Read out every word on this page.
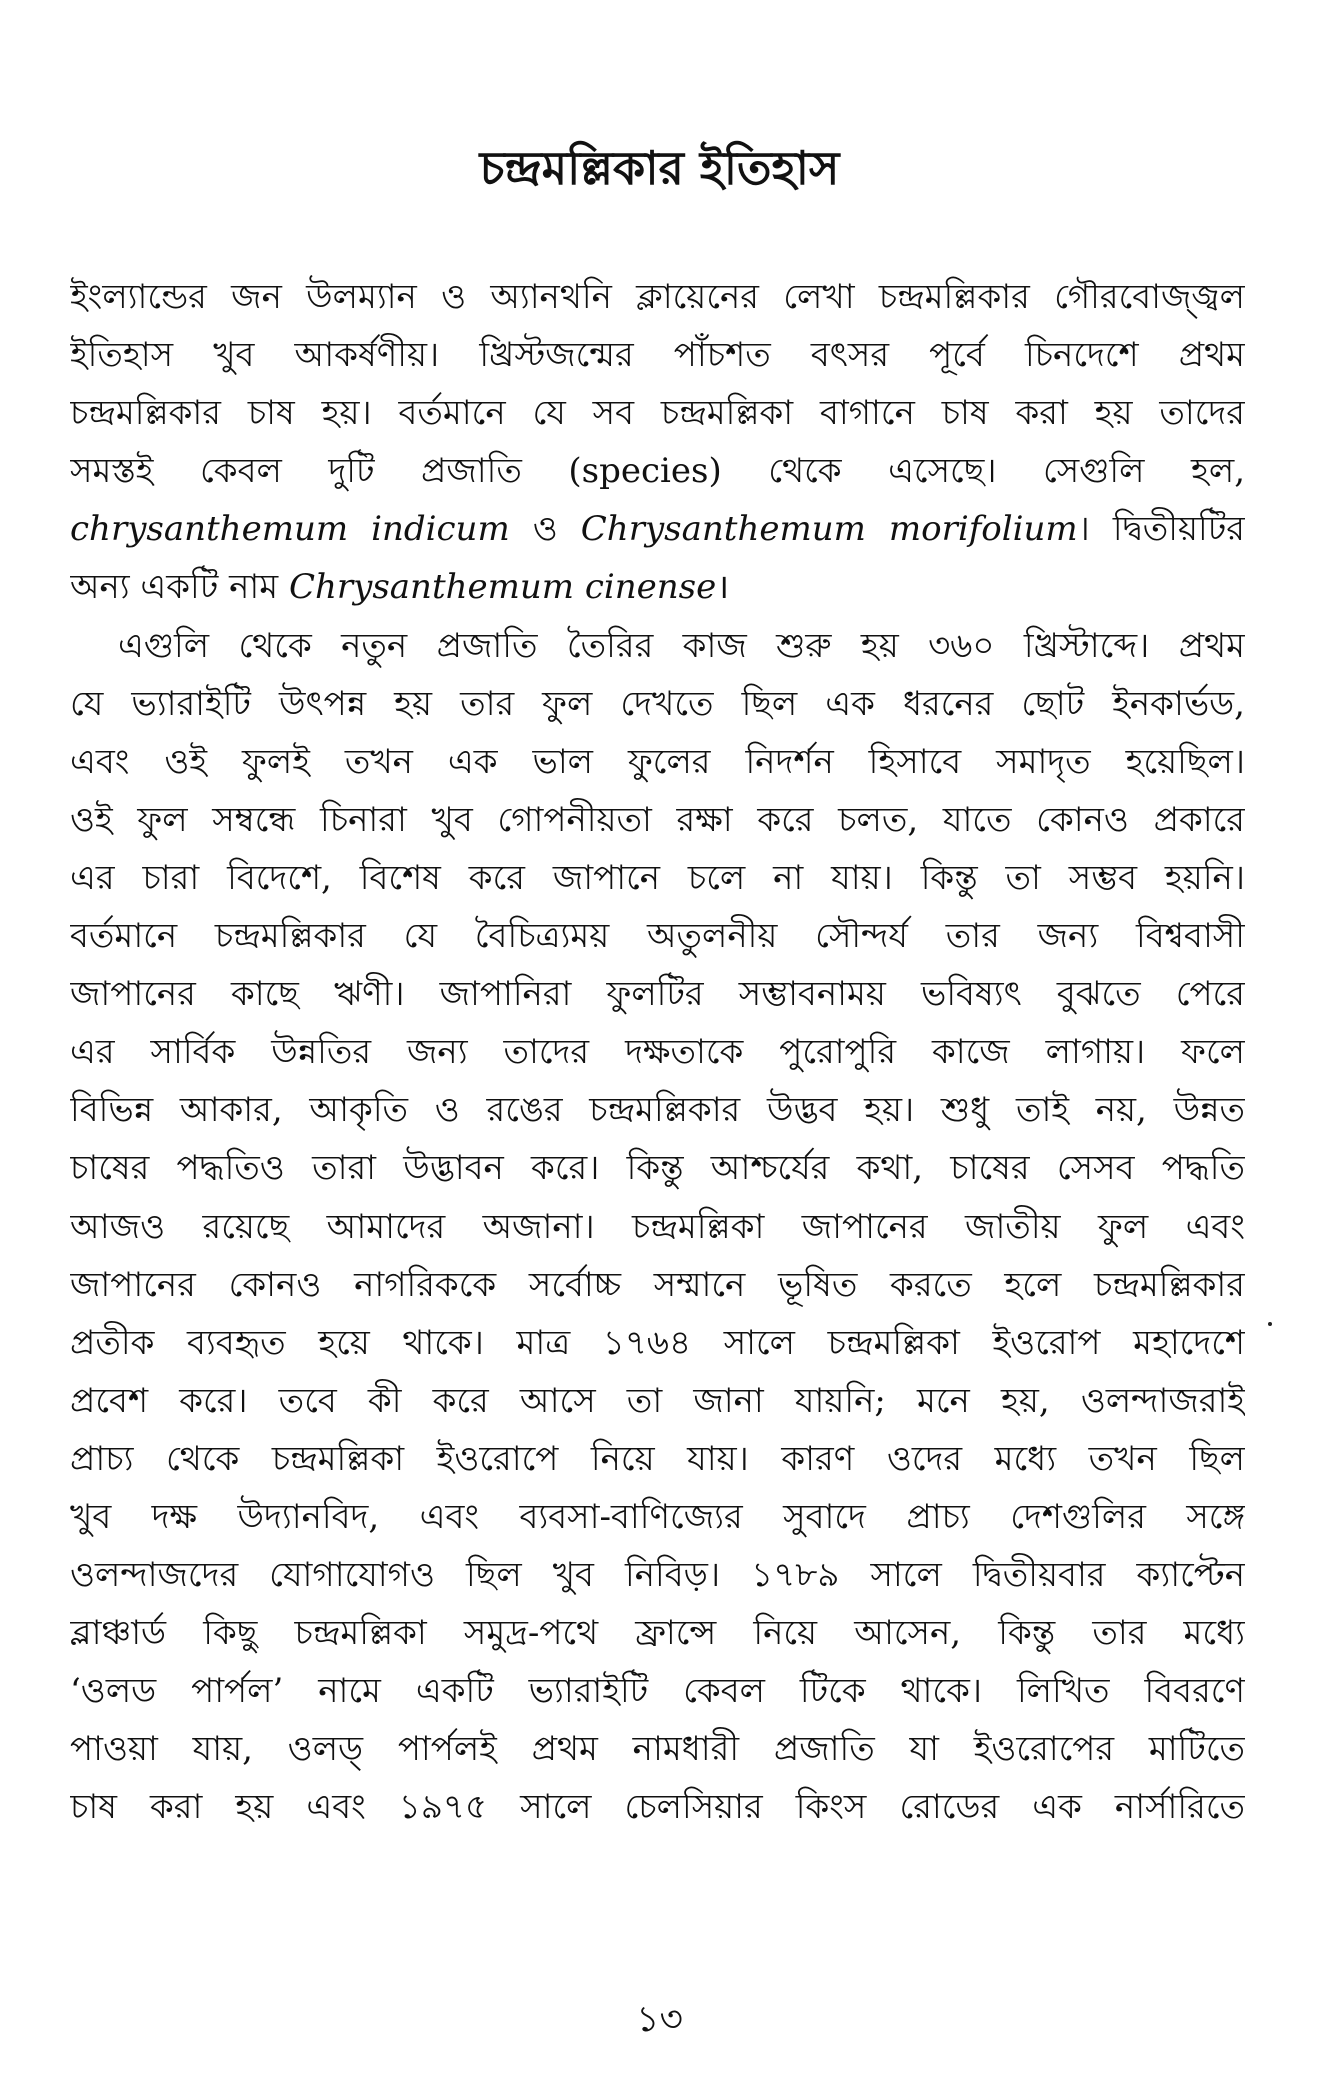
চন্দ্রমল্লিকার ইতিহাস
ইংল্যান্ডের জন উলম্যান ও অ্যানথনি ক্লায়েনের লেখা চন্দ্রমল্লিকার গৌরবোজ্জ্বল
ইতিহাস খুব আকর্ষণীয়। খ্রিস্টজন্মের পাঁচশত বৎসর পূর্বে চিনদেশে প্রথম
চন্দ্রমল্লিকার চাষ হয়। বর্তমানে যে সব চন্দ্রমল্লিকা বাগানে চাষ করা হয় তাদের
সমস্তই কেবল দুটি প্রজাতি (species) থেকে এসেছে। সেগুলি হল,
chrysanthemum indicum ও Chrysanthemum morifolium। দ্বিতীয়টির
অন্য একটি নাম Chrysanthemum cinense।
এগুলি থেকে নতুন প্রজাতি তৈরির কাজ শুরু হয় ৩৬০ খ্রিস্টাব্দে। প্রথম
যে ভ্যারাইটি উৎপন্ন হয় তার ফুল দেখতে ছিল এক ধরনের ছোট ইনকার্ভড,
এবং ওই ফুলই তখন এক ভাল ফুলের নিদর্শন হিসাবে সমাদৃত হয়েছিল।
ওই ফুল সম্বন্ধে চিনারা খুব গোপনীয়তা রক্ষা করে চলত, যাতে কোনও প্রকারে
এর চারা বিদেশে, বিশেষ করে জাপানে চলে না যায়। কিন্তু তা সম্ভব হয়নি।
বর্তমানে চন্দ্রমল্লিকার যে বৈচিত্র্যময় অতুলনীয় সৌন্দর্য তার জন্য বিশ্ববাসী
জাপানের কাছে ঋণী। জাপানিরা ফুলটির সম্ভাবনাময় ভবিষ্যৎ বুঝতে পেরে
এর সার্বিক উন্নতির জন্য তাদের দক্ষতাকে পুরোপুরি কাজে লাগায়। ফলে
বিভিন্ন আকার, আকৃতি ও রঙের চন্দ্রমল্লিকার উদ্ভব হয়। শুধু তাই নয়, উন্নত
চাষের পদ্ধতিও তারা উদ্ভাবন করে। কিন্তু আশ্চর্যের কথা, চাষের সেসব পদ্ধতি
আজও রয়েছে আমাদের অজানা। চন্দ্রমল্লিকা জাপানের জাতীয় ফুল এবং
জাপানের কোনও নাগরিককে সর্বোচ্চ সম্মানে ভূষিত করতে হলে চন্দ্রমল্লিকার
প্রতীক ব্যবহৃত হয়ে থাকে। মাত্র ১৭৬৪ সালে চন্দ্রমল্লিকা ইওরোপ মহাদেশে
প্রবেশ করে। তবে কী করে আসে তা জানা যায়নি; মনে হয়, ওলন্দাজরাই
প্রাচ্য থেকে চন্দ্রমল্লিকা ইওরোপে নিয়ে যায়। কারণ ওদের মধ্যে তখন ছিল
খুব দক্ষ উদ্যানবিদ, এবং ব্যবসা-বাণিজ্যের সুবাদে প্রাচ্য দেশগুলির সঙ্গে
ওলন্দাজদের যোগাযোগও ছিল খুব নিবিড়। ১৭৮৯ সালে দ্বিতীয়বার ক্যাপ্টেন
ব্লাঞ্চার্ড কিছু চন্দ্রমল্লিকা সমুদ্র-পথে ফ্রান্সে নিয়ে আসেন, কিন্তু তার মধ্যে
‘ওলড পার্পল’ নামে একটি ভ্যারাইটি কেবল টিকে থাকে। লিখিত বিবরণে
পাওয়া যায়, ওলড্ পার্পলই প্রথম নামধারী প্রজাতি যা ইওরোপের মাটিতে
চাষ করা হয় এবং ১৯৭৫ সালে চেলসিয়ার কিংস রোডের এক নার্সারিতে
১৩
